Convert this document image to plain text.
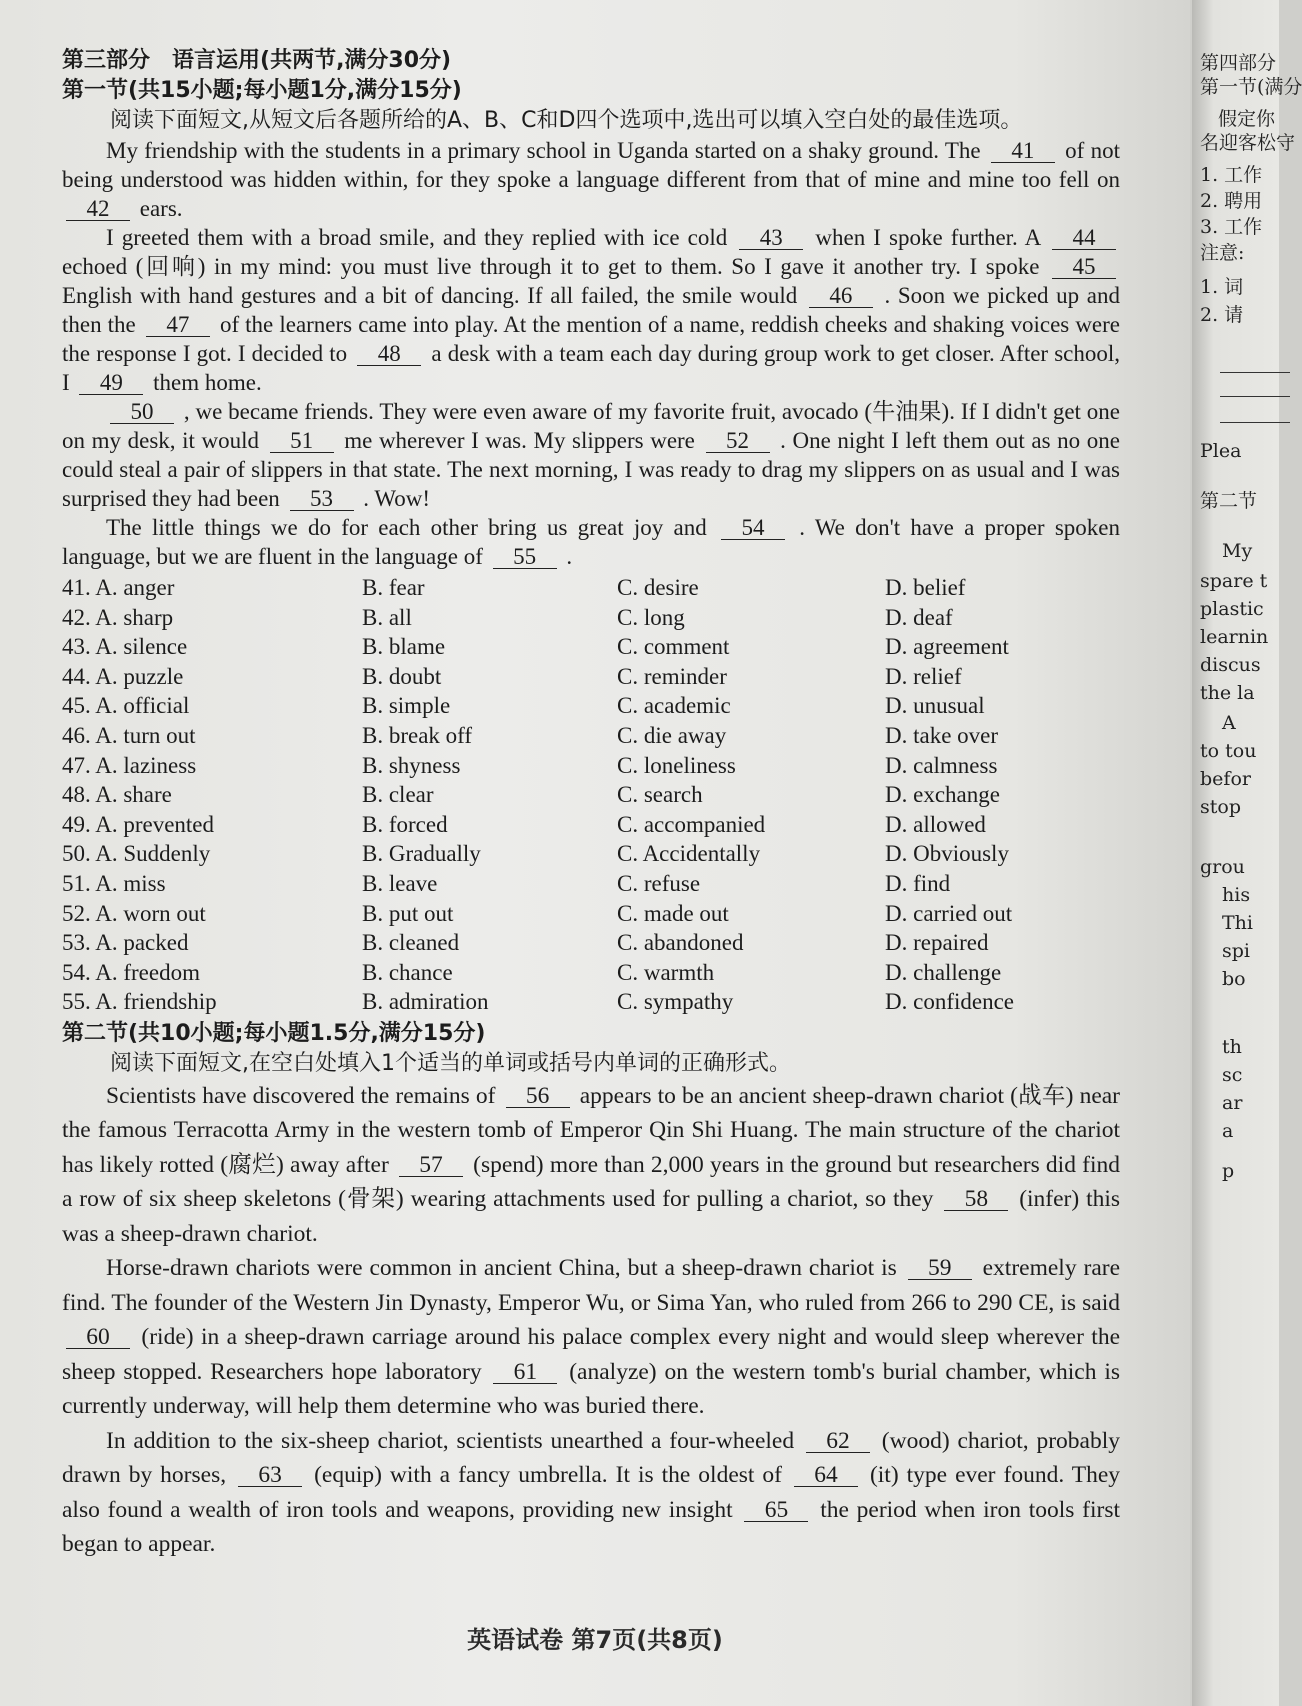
第三部分 语言运用(共两节,满分30分)
第一节(共15小题;每小题1分,满分15分)

阅读下面短文,从短文后各题所给的A、B、C和D四个选项中,选出可以填入空白处的最佳选项。

My friendship with the students in a primary school in Uganda started on a shaky ground. The 41 of not being understood was hidden within, for they spoke a language different from that of mine and mine too fell on 42 ears.

I greeted them with a broad smile, and they replied with ice cold 43 when I spoke further. A 44 echoed (回响) in my mind: you must live through it to get to them. So I gave it another try. I spoke 45 English with hand gestures and a bit of dancing. If all failed, the smile would 46 . Soon we picked up and then the 47 of the learners came into play. At the mention of a name, reddish cheeks and shaking voices were the response I got. I decided to 48 a desk with a team each day during group work to get closer. After school, I 49 them home.

50 , we became friends. They were even aware of my favorite fruit, avocado (牛油果). If I didn't get one on my desk, it would 51 me wherever I was. My slippers were 52 . One night I left them out as no one could steal a pair of slippers in that state. The next morning, I was ready to drag my slippers on as usual and I was surprised they had been 53 . Wow!

The little things we do for each other bring us great joy and 54 . We don't have a proper spoken language, but we are fluent in the language of 55 .

41. A. anger	B. fear	C. desire	D. belief
42. A. sharp	B. all	C. long	D. deaf
43. A. silence	B. blame	C. comment	D. agreement
44. A. puzzle	B. doubt	C. reminder	D. relief
45. A. official	B. simple	C. academic	D. unusual
46. A. turn out	B. break off	C. die away	D. take over
47. A. laziness	B. shyness	C. loneliness	D. calmness
48. A. share	B. clear	C. search	D. exchange
49. A. prevented	B. forced	C. accompanied	D. allowed
50. A. Suddenly	B. Gradually	C. Accidentally	D. Obviously
51. A. miss	B. leave	C. refuse	D. find
52. A. worn out	B. put out	C. made out	D. carried out
53. A. packed	B. cleaned	C. abandoned	D. repaired
54. A. freedom	B. chance	C. warmth	D. challenge
55. A. friendship	B. admiration	C. sympathy	D. confidence
第二节(共10小题;每小题1.5分,满分15分)

阅读下面短文,在空白处填入1个适当的单词或括号内单词的正确形式。

Scientists have discovered the remains of 56 appears to be an ancient sheep-drawn chariot (战车) near the famous Terracotta Army in the western tomb of Emperor Qin Shi Huang. The main structure of the chariot has likely rotted (腐烂) away after 57 (spend) more than 2,000 years in the ground but researchers did find a row of six sheep skeletons (骨架) wearing attachments used for pulling a chariot, so they 58 (infer) this was a sheep-drawn chariot.

Horse-drawn chariots were common in ancient China, but a sheep-drawn chariot is 59 extremely rare find. The founder of the Western Jin Dynasty, Emperor Wu, or Sima Yan, who ruled from 266 to 290 CE, is said 60 (ride) in a sheep-drawn carriage around his palace complex every night and would sleep wherever the sheep stopped. Researchers hope laboratory 61 (analyze) on the western tomb's burial chamber, which is currently underway, will help them determine who was buried there.

In addition to the six-sheep chariot, scientists unearthed a four-wheeled 62 (wood) chariot, probably drawn by horses, 63 (equip) with a fancy umbrella. It is the oldest of 64 (it) type ever found. They also found a wealth of iron tools and weapons, providing new insight 65 the period when iron tools first began to appear.

英语试卷 第7页(共8页)
第四部分
第一节(满分
假定你
名迎客松守
1. 工作
2. 聘用
3. 工作
注意:
1. 词
2. 请
Plea
第二节
My
spare t
plastic
learnin
discus
the la
A
to tou
befor
stop
grou
his
Thi
spi
bo
th
sc
ar
a
p
